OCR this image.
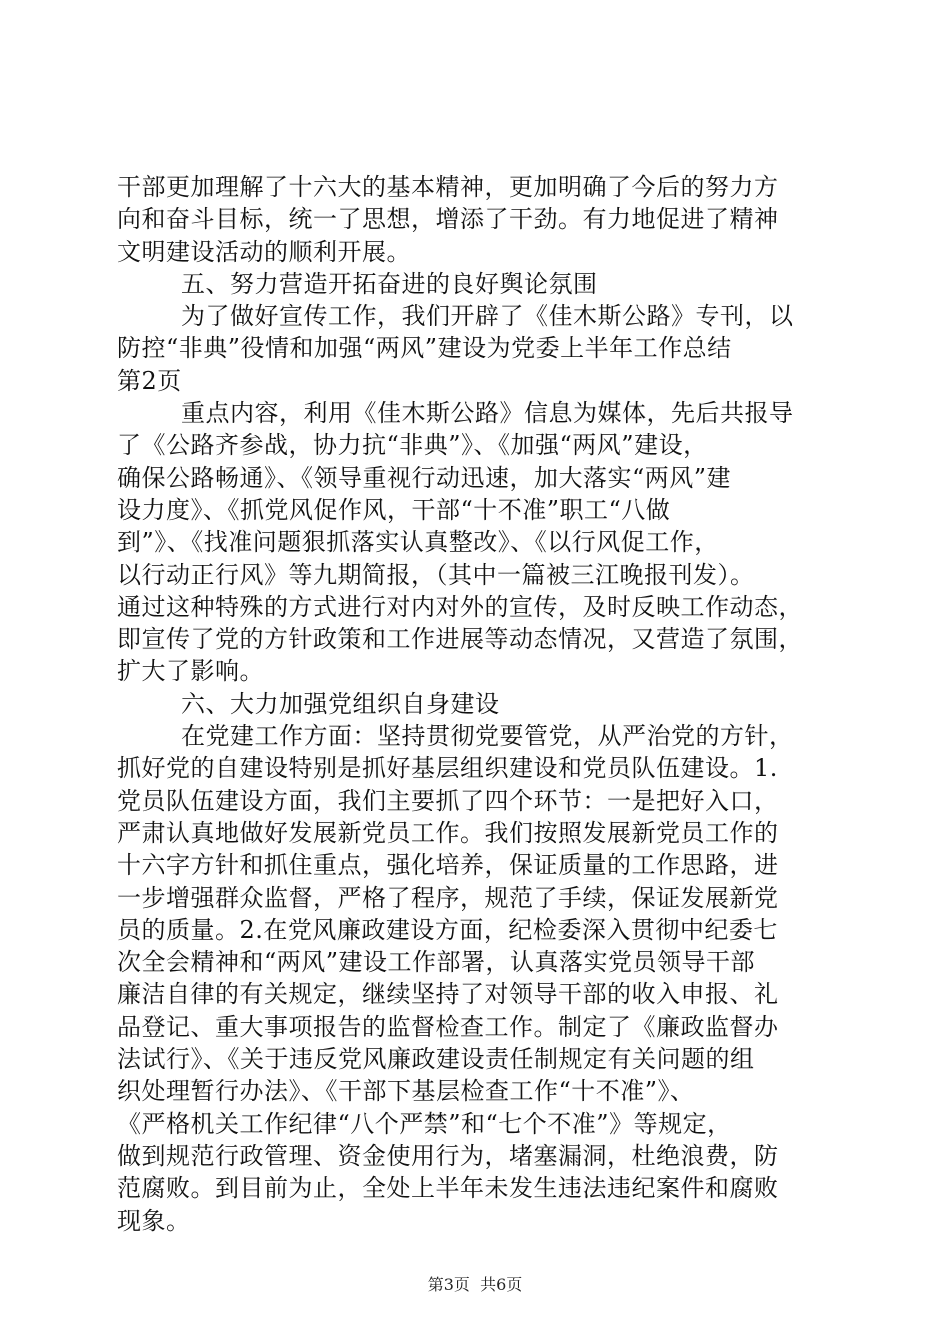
干部更加理解了十六大的基本精神，更加明确了今后的努力方
向和奋斗目标，统一了思想，增添了干劲。有力地促进了精神
文明建设活动的顺利开展。
五、努力营造开拓奋进的良好舆论氛围
为了做好宣传工作，我们开辟了《佳木斯公路》专刊，以
防控“非典”役情和加强“两风”建设为党委上半年工作总结
第2页
重点内容，利用《佳木斯公路》信息为媒体，先后共报导
了《公路齐参战，协力抗“非典”》、《加强“两风”建设，
确保公路畅通》、《领导重视行动迅速，加大落实“两风”建
设力度》、《抓党风促作风，干部“十不准”职工“八做
到”》、《找准问题狠抓落实认真整改》、《以行风促工作，
以行动正行风》等九期简报，（其中一篇被三江晚报刊发）。
通过这种特殊的方式进行对内对外的宣传，及时反映工作动态，
即宣传了党的方针政策和工作进展等动态情况，又营造了氛围，
扩大了影响。
六、大力加强党组织自身建设
在党建工作方面：坚持贯彻党要管党，从严治党的方针，
抓好党的自建设特别是抓好基层组织建设和党员队伍建设。1.
党员队伍建设方面，我们主要抓了四个环节：一是把好入口，
严肃认真地做好发展新党员工作。我们按照发展新党员工作的
十六字方针和抓住重点，强化培养，保证质量的工作思路，进
一步增强群众监督，严格了程序，规范了手续，保证发展新党
员的质量。2.在党风廉政建设方面，纪检委深入贯彻中纪委七
次全会精神和“两风”建设工作部署，认真落实党员领导干部
廉洁自律的有关规定，继续坚持了对领导干部的收入申报、礼
品登记、重大事项报告的监督检查工作。制定了《廉政监督办
法试行》、《关于违反党风廉政建设责任制规定有关问题的组
织处理暂行办法》、《干部下基层检查工作“十不准”》、
《严格机关工作纪律“八个严禁”和“七个不准”》等规定，
做到规范行政管理、资金使用行为，堵塞漏洞，杜绝浪费，防
范腐败。到目前为止，全处上半年未发生违法违纪案件和腐败
现象。
第3页  共6页
